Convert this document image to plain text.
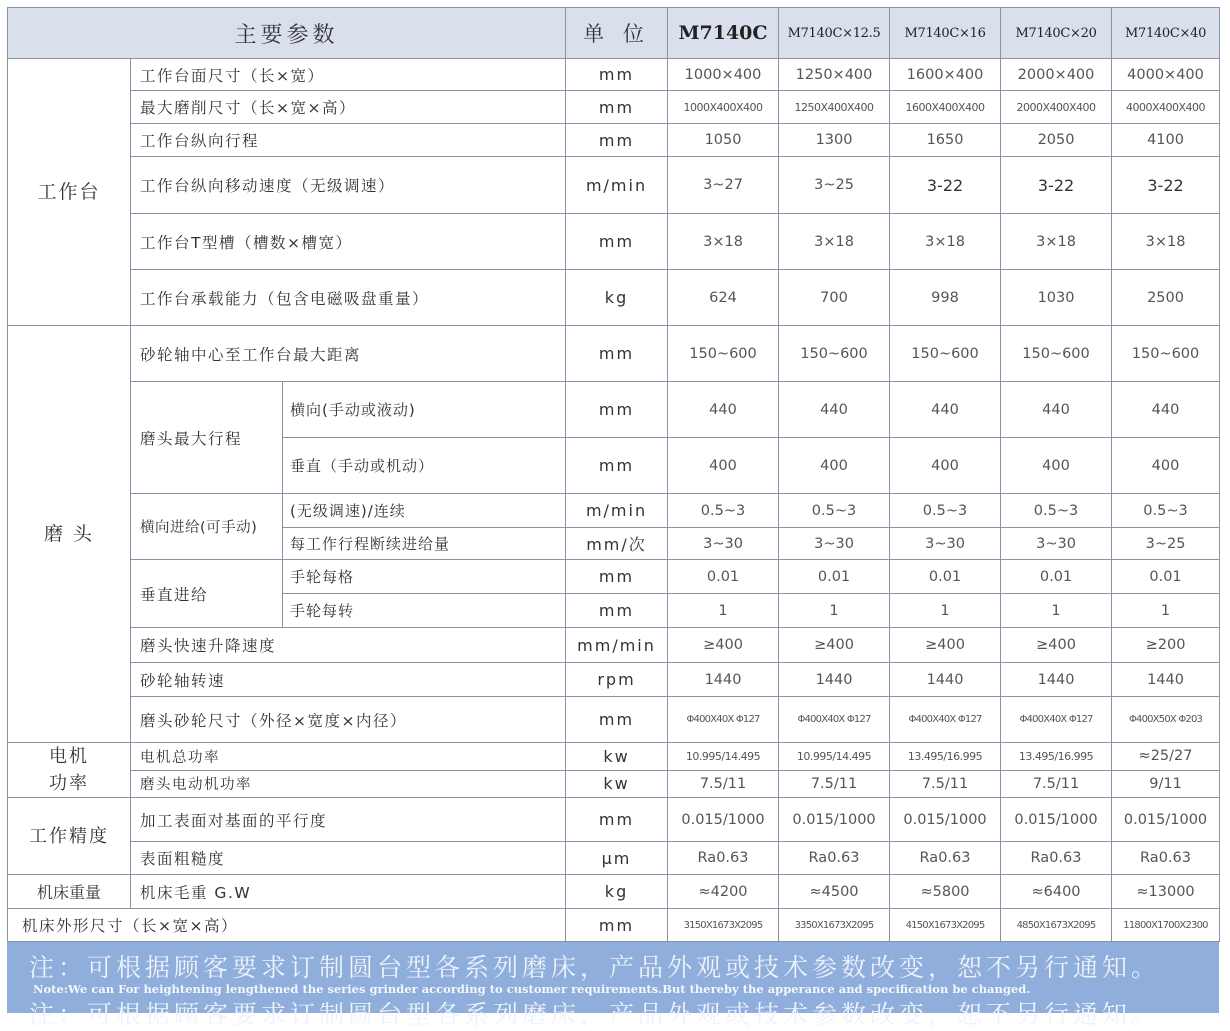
主要参数			单 位	M7140C	M7140C×12.5	M7140C×16	M7140C×20	M7140C×40
工作台	工作台面尺寸（长×宽）		mm	1000×400	1250×400	1600×400	2000×400	4000×400
	最大磨削尺寸（长×宽×高）		mm	1000X400X400	1250X400X400	1600X400X400	2000X400X400	4000X400X400
	工作台纵向行程		mm	1050	1300	1650	2050	4100
	工作台纵向移动速度（无级调速）		m/min	3~27	3~25	3-22	3-22	3-22
	工作台T型槽（槽数×槽宽）		mm	3×18	3×18	3×18	3×18	3×18
	工作台承载能力（包含电磁吸盘重量）		kg	624	700	998	1030	2500
磨 头	砂轮轴中心至工作台最大距离		mm	150~600	150~600	150~600	150~600	150~600
	磨头最大行程	横向(手动或液动)	mm	440	440	440	440	440
		垂直（手动或机动）	mm	400	400	400	400	400
	横向进给(可手动)	(无级调速)/连续	m/min	0.5~3	0.5~3	0.5~3	0.5~3	0.5~3
		每工作行程断续进给量	mm/次	3~30	3~30	3~30	3~30	3~25
	垂直进给	手轮每格	mm	0.01	0.01	0.01	0.01	0.01
		手轮每转	mm	1	1	1	1	1
	磨头快速升降速度		mm/min	≥400	≥400	≥400	≥400	≥200
	砂轮轴转速		rpm	1440	1440	1440	1440	1440
	磨头砂轮尺寸（外径×宽度×内径）		mm	Φ400X40X Φ127	Φ400X40X Φ127	Φ400X40X Φ127	Φ400X40X Φ127	Φ400X50X Φ203
电机
功率	电机总功率		kw	10.995/14.495	10.995/14.495	13.495/16.995	13.495/16.995	≈25/27
	磨头电动机功率		kw	7.5/11	7.5/11	7.5/11	7.5/11	9/11
工作精度	加工表面对基面的平行度		mm	0.015/1000	0.015/1000	0.015/1000	0.015/1000	0.015/1000
	表面粗糙度		μm	Ra0.63	Ra0.63	Ra0.63	Ra0.63	Ra0.63
机床重量	机床毛重 G.W		kg	≈4200	≈4500	≈5800	≈6400	≈13000
机床外形尺寸（长×宽×高）			mm	3150X1673X2095	3350X1673X2095	4150X1673X2095	4850X1673X2095	11800X1700X2300
注：可根据顾客要求订制圆台型各系列磨床，产品外观或技术参数改变，恕不另行通知。
Note:We can For heightening lengthened the series grinder according to customer requirements.But thereby the apperance and specification be changed.
注：可根据顾客要求订制圆台型各系列磨床，产品外观或技术参数改变，恕不另行通知。
